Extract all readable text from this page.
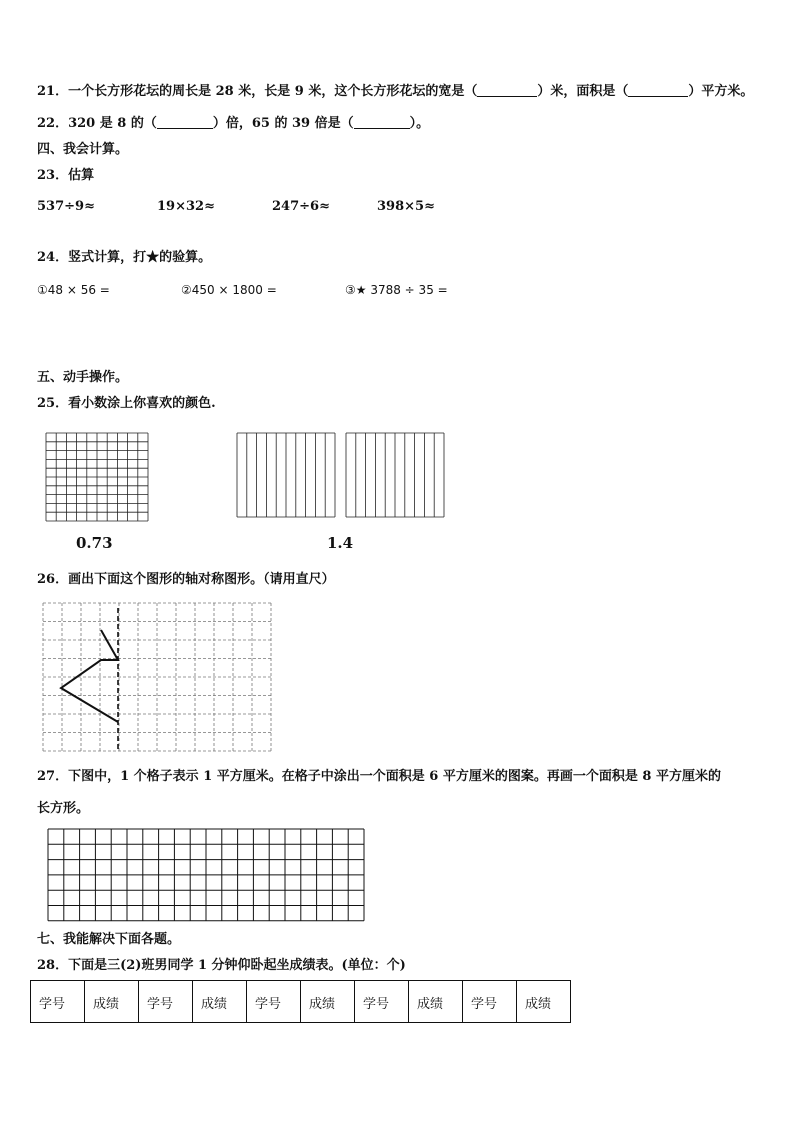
21．一个长方形花坛的周长是 28 米，长是 9 米，这个长方形花坛的宽是（	）米，面积是（	）平方米。
22．320 是 8 的（	）倍，65 的 39 倍是（	）。
四、我会计算。
23．估算
537÷9≈	19×32≈	247÷6≈	398×5≈
24．竖式计算，打★的验算。
①48 × 56 =	②450 × 1800 =	③★ 3788 ÷ 35 =
五、动手操作。
25．看小数涂上你喜欢的颜色.
0.73	1.4
26．画出下面这个图形的轴对称图形。（请用直尺）
27．下图中，1 个格子表示 1 平方厘米。在格子中涂出一个面积是 6 平方厘米的图案。再画一个面积是 8 平方厘米的
长方形。
七、我能解决下面各题。
28．下面是三(2)班男同学 1 分钟仰卧起坐成绩表。(单位：个)
学号	成绩	学号	成绩	学号	成绩	学号	成绩	学号	成绩
